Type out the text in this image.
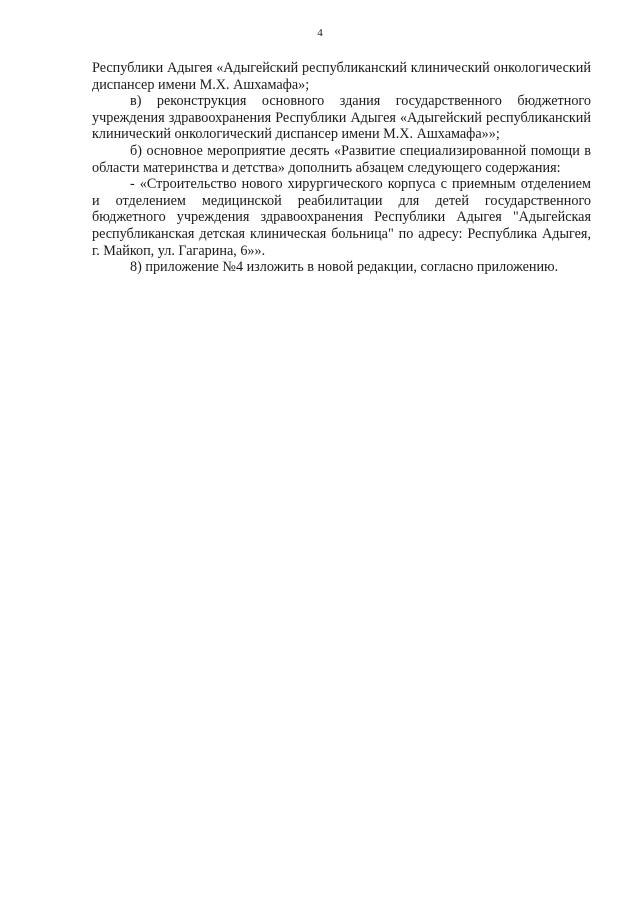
4

Республики Адыгея «Адыгейский республиканский клинический онкологический диспансер имени М.Х. Ашхамафа»;

в) реконструкция основного здания государственного бюджетного учреждения здравоохранения Республики Адыгея «Адыгейский республиканский клинический онкологический диспансер имени М.Х. Ашхамафа»»;

б) основное мероприятие десять «Развитие специализированной помощи в области материнства и детства» дополнить абзацем следующего содержания:

- «Строительство нового хирургического корпуса с приемным отделением и отделением медицинской реабилитации для детей государственного бюджетного учреждения здравоохранения Республики Адыгея "Адыгейская республиканская детская клиническая больница" по адресу: Республика Адыгея, г. Майкоп, ул. Гагарина, 6»».

8) приложение №4 изложить в новой редакции, согласно приложению.
